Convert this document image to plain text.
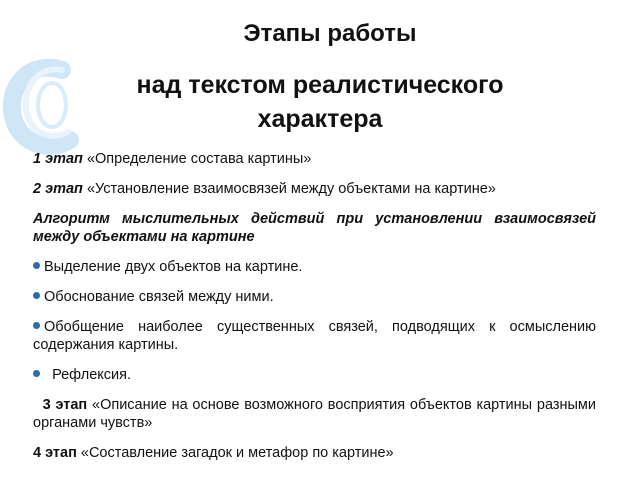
Этапы работы
над текстом реалистического характера
1 этап «Определение состава картины»
2 этап «Установление взаимосвязей между объектами на картине»
Алгоритм мыслительных действий при установлении взаимосвязей между объектами на картине
Выделение двух объектов на картине.
Обоснование связей между ними.
Обобщение наиболее существенных связей, подводящих к осмыслению содержания картины.
Рефлексия.
3 этап «Описание на основе возможного восприятия объектов картины разными органами чувств»
4 этап «Составление загадок и метафор по картине»
